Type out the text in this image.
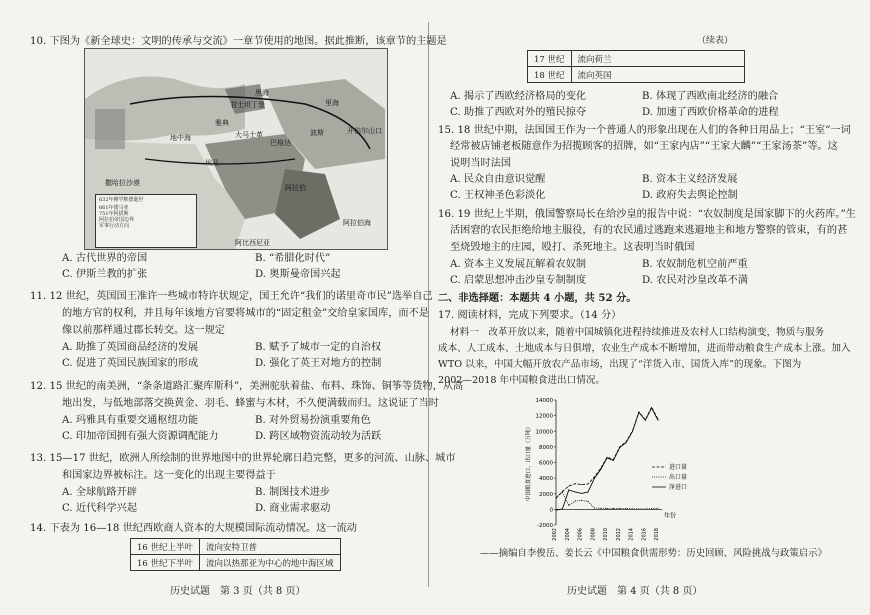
10. 下图为《新全球史：文明的传承与交流》一章节使用的地图。据此推断，该章节的主题是
黑海
里海
雅典
地中海
埃及
阿拉伯
撒哈拉沙漠
阿拉伯海
阿比西尼亚
开伯尔山口
波斯
大马士革
君士坦丁堡
巴格达
632年穆罕默德逝世
661年倭马亚
751年阿拔斯
阿拉伯帝国边界
军事行动方向
A. 古代世界的帝国	B. “希腊化时代”
C. 伊斯兰教的扩张	D. 奥斯曼帝国兴起
11. 12 世纪，英国国王准许一些城市特许状规定，国王允许“我们的诺里奇市民”选举自己
的地方官的权利，并且每年该地方官要将城市的“固定租金”交给皇家国库，而不是
像以前那样通过郡长转交。这一规定
A. 助推了英国商品经济的发展	B. 赋予了城市一定的自治权
C. 促进了英国民族国家的形成	D. 强化了英王对地方的控制
12. 15 世纪的南美洲，“条条道路汇聚库斯科”，美洲驼驮着盐、布料、珠饰、铜筝等货物，从高
地出发，与低地部落交换黄金、羽毛、蜂蜜与木材，不久便满载而归。这说证了当时
A. 玛雅具有重要交通枢纽功能	B. 对外贸易扮演重要角色
C. 印加帝国拥有强大资源调配能力	D. 跨区域物资流动较为活跃
13. 15—17 世纪，欧洲人所绘制的世界地图中的世界轮廓日趋完整，更多的河流、山脉、城市
和国家边界被标注。这一变化的出现主要得益于
A. 全球航路开辟	B. 制图技术进步
C. 近代科学兴起	D. 商业需求驱动
14. 下表为 16—18 世纪西欧商人资本的大规模国际流动情况。这一流动
16 世纪上半叶	流向安特卫普
16 世纪下半叶	流向以热那亚为中心的地中海区域
历史试题　第 3 页（共 8 页）
（续表）
17 世纪	流向荷兰
18 世纪	流向英国
A. 揭示了西欧经济格局的变化	B. 体现了西欧南北经济的融合
C. 助推了西欧对外的殖民掠夺	D. 加速了西欧价格革命的进程
15. 18 世纪中期，法国国王作为一个普通人的形象出现在人们的各种日用品上；“王室”一词
经常被店铺老板随意作为招揽顾客的招牌，如“王家内店”“王家大麟”“王家汤茶”等。这
说明当时法国
A. 民众自由意识觉醒	B. 资本主义经济发展
C. 王权神圣色彩淡化	D. 政府失去舆论控制
16. 19 世纪上半期，俄国警察局长在给沙皇的报告中说：“农奴制度是国家脚下的火药库。”生
活困窘的农民拒绝给地主服役，有的农民通过逃跑来逃避地主和地方警察的管束，有的甚
至烧毁地主的庄园，殴打、杀死地主。这表明当时俄国
A. 资本主义发展瓦解着农奴制	B. 农奴制危机空前严重
C. 启蒙思想冲击沙皇专制制度	D. 农民对沙皇改革不满
二、非选择题：本题共 4 小题，共 52 分。
17. 阅读材料，完成下列要求。（14 分）
材料一　改革开放以来，随着中国城镇化进程持续推进及农村人口结构演变，物质与服务
成本、人工成本、土地成本与日俱增，农业生产成本不断增加，进而带动粮食生产成本上涨。加入
WTO 以来，中国大幅开放农产品市场，出现了“洋货入市、国货入库”的现象。下图为
2002—2018 年中国粮食进出口情况。
——摘编自李俊岳、姜长云《中国粮食供需形势：历史回顾、风险挑战与政策启示》
历史试题　第 4 页（共 8 页）
14000
12000
10000
8000
6000
4000
2000
0
-2000
2002 2004 2006 2008 2010 2012 2014 2016 2018
年份
中国粮食进口、出口量（万吨）	进口量
出口量
净进口
